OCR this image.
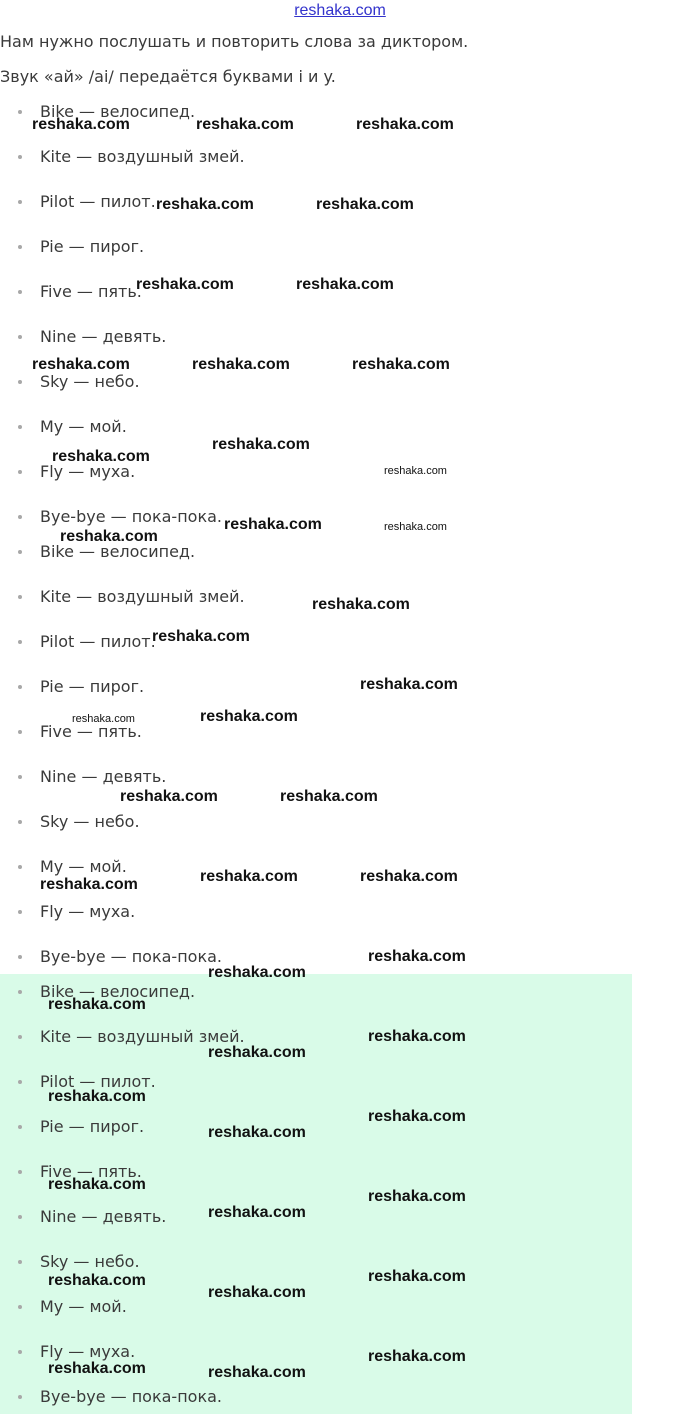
reshaka.com
Нам нужно послушать и повторить слова за диктором.
Звук «ай» /ai/ передаётся буквами i и y.
Bike — велосипед.
Kite — воздушный змей.
Pilot — пилот.
Pie — пирог.
Five — пять.
Nine — девять.
Sky — небо.
My — мой.
Fly — муха.
Bye-bye — пока-пока.
Bike — велосипед.
Kite — воздушный змей.
Pilot — пилот.
Pie — пирог.
Five — пять.
Nine — девять.
Sky — небо.
My — мой.
Fly — муха.
Bye-bye — пока-пока.
Bike — велосипед.
Kite — воздушный змей.
Pilot — пилот.
Pie — пирог.
Five — пять.
Nine — девять.
Sky — небо.
My — мой.
Fly — муха.
Bye-bye — пока-пока.
reshaka.com	reshaka.com	reshaka.com
reshaka.com	reshaka.com
reshaka.com	reshaka.com
reshaka.com	reshaka.com	reshaka.com
reshaka.com
reshaka.com
reshaka.com
reshaka.com
reshaka.com
reshaka.com
reshaka.com
reshaka.com
reshaka.com
reshaka.com	reshaka.com
reshaka.com	reshaka.com
reshaka.com	reshaka.com	reshaka.com
reshaka.com
reshaka.com
reshaka.com
reshaka.com
reshaka.com
reshaka.com
reshaka.com
reshaka.com
reshaka.com
reshaka.com
reshaka.com
reshaka.com	reshaka.com
reshaka.com
reshaka.com
reshaka.com
reshaka.com
